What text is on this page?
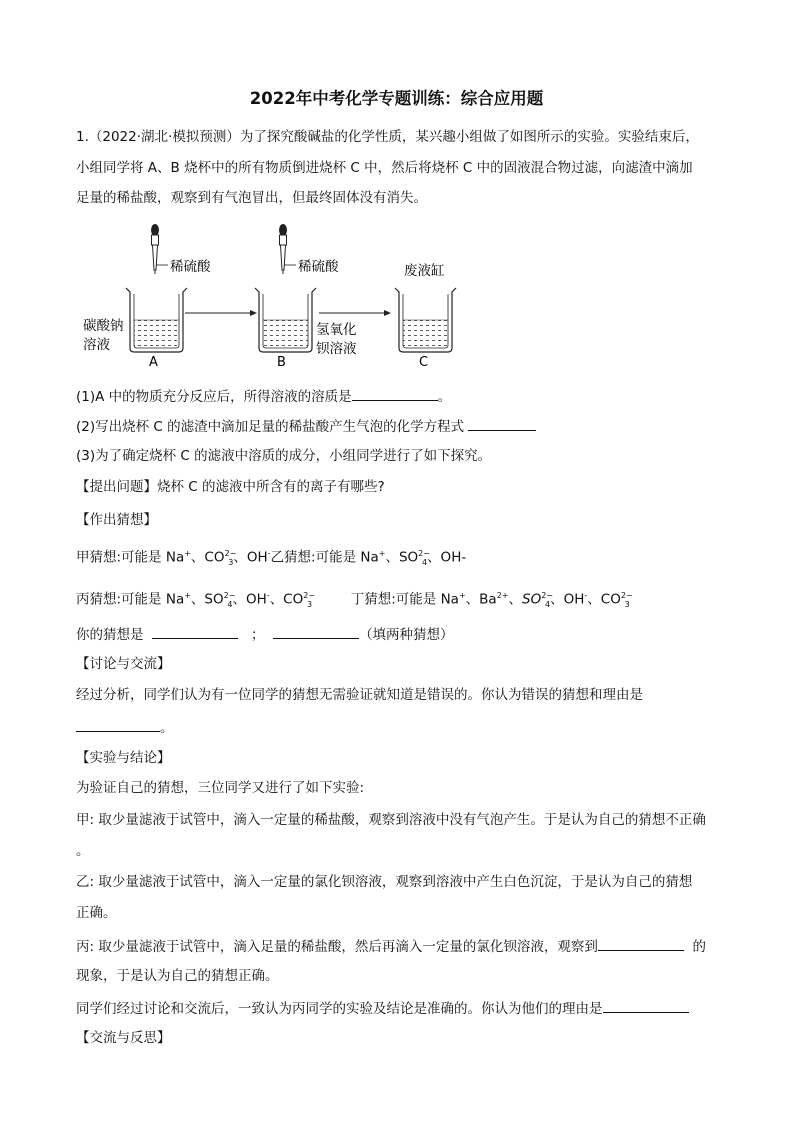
2022年中考化学专题训练：综合应用题
1.（2022·湖北·模拟预测）为了探究酸碱盐的化学性质，某兴趣小组做了如图所示的实验。实验结束后，
小组同学将 A、B 烧杯中的所有物质倒进烧杯 C 中，然后将烧杯 C 中的固液混合物过滤，向滤渣中滴加
足量的稀盐酸，观察到有气泡冒出，但最终固体没有消失。
稀硫酸
碳酸钠
溶液
A
稀硫酸
B
氢氧化
钡溶液
废液缸
C
(1)A 中的物质充分反应后，所得溶液的溶质是	。
(2)写出烧杯 C 的滤渣中滴加足量的稀盐酸产生气泡的化学方程式
(3)为了确定烧杯 C 的滤液中溶质的成分，小组同学进行了如下探究。
【提出问题】烧杯 C 的滤液中所含有的离子有哪些?
【作出猜想】
甲猜想:可能是 Na+、$CO^{2-}_3$、OH-乙猜想:可能是 Na+、$SO^{2-}_4$、OH-
丙猜想:可能是 Na+、$SO^{2-}_4$、OH-、$CO^{2-}_3$	丁猜想:可能是 Na+、$Ba^{2+}$、$SO^{2-}_4$、OH-、$CO^{2-}_3$
你的猜想是	；	（填两种猜想）
【讨论与交流】
经过分析，同学们认为有一位同学的猜想无需验证就知道是错误的。你认为错误的猜想和理由是
。
【实验与结论】
为验证自己的猜想，三位同学又进行了如下实验:
甲: 取少量滤液于试管中，滴入一定量的稀盐酸，观察到溶液中没有气泡产生。于是认为自己的猜想不正确
。
乙: 取少量滤液于试管中，滴入一定量的氯化钡溶液，观察到溶液中产生白色沉淀，于是认为自己的猜想
正确。
丙: 取少量滤液于试管中，滴入足量的稀盐酸，然后再滴入一定量的氯化钡溶液，观察到	的
现象，于是认为自己的猜想正确。
同学们经过讨论和交流后，一致认为丙同学的实验及结论是准确的。你认为他们的理由是
【交流与反思】
